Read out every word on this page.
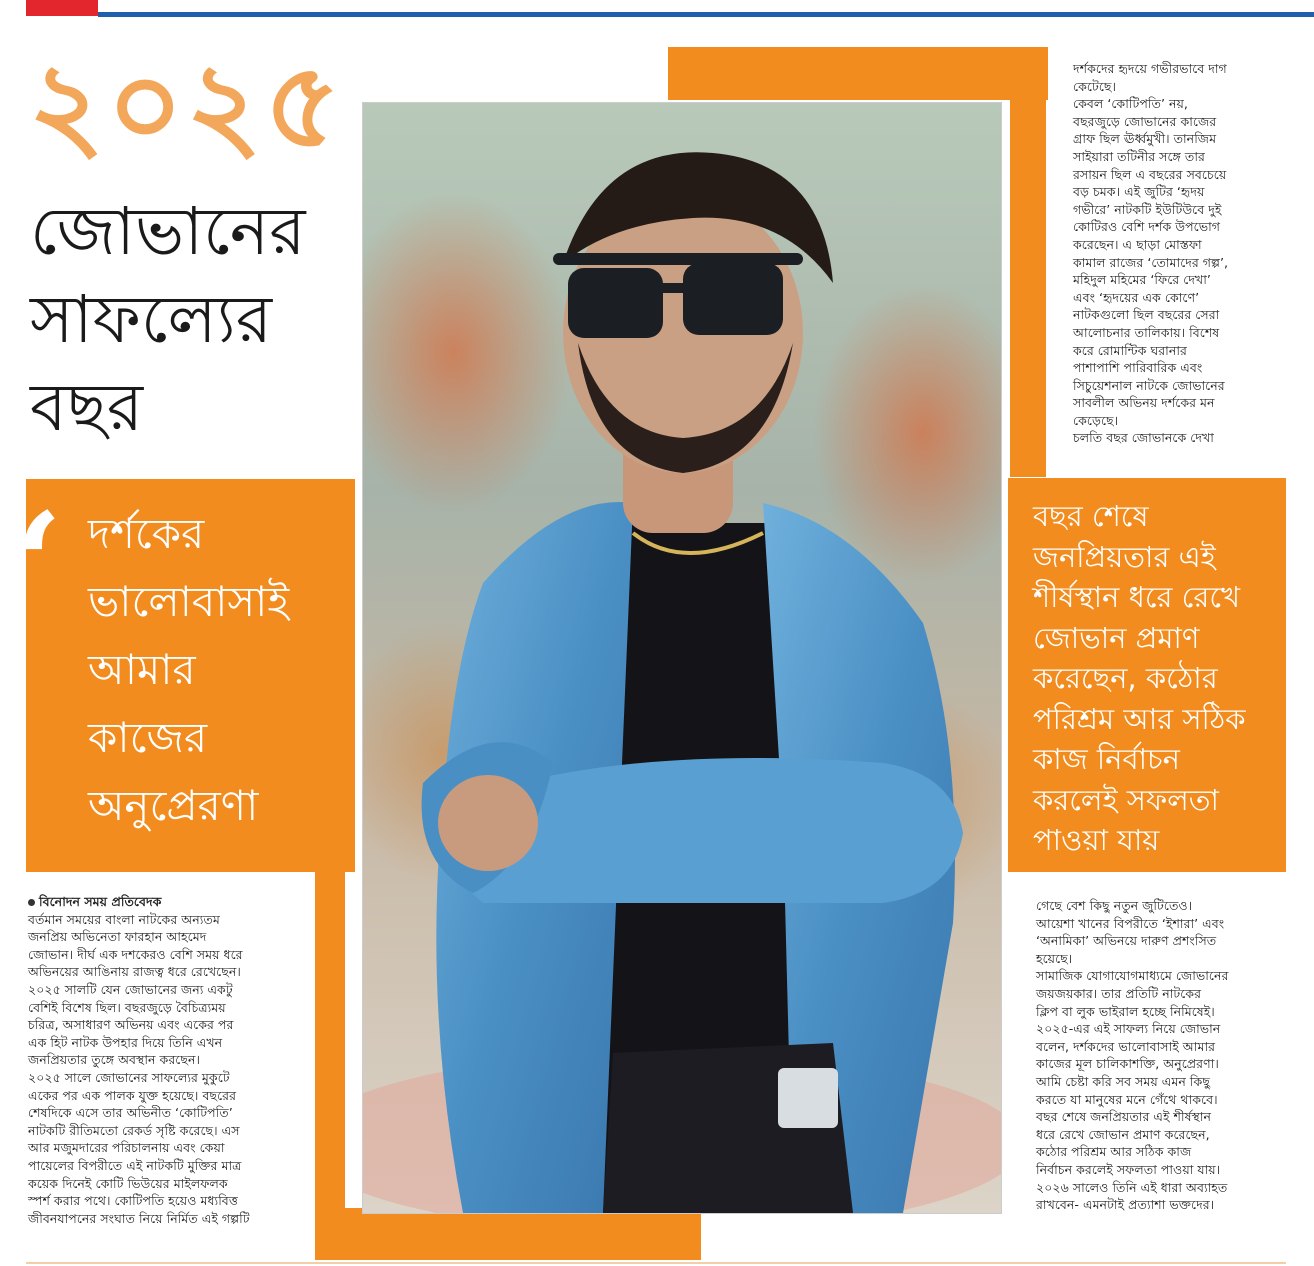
২০২৫
জোভানের
সাফল্যের
বছর
‘ দর্শকের
ভালোবাসাই
আমার
কাজের
অনুপ্রেরণা
বছর শেষে
জনপ্রিয়তার এই
শীর্ষস্থান ধরে রেখে
জোভান প্রমাণ
করেছেন, কঠোর
পরিশ্রম আর সঠিক
কাজ নির্বাচন
করলেই সফলতা
পাওয়া যায়

দর্শকদের হৃদয়ে গভীরভাবে দাগ

কেটেছে।

কেবল ‘কোটিপতি’ নয়,

বছরজুড়ে জোভানের কাজের

গ্রাফ ছিল ঊর্ধ্বমুখী। তানজিম

সাইয়ারা তটিনীর সঙ্গে তার

রসায়ন ছিল এ বছরের সবচেয়ে

বড় চমক। এই জুটির ‘হৃদয়

গভীরে’ নাটকটি ইউটিউবে দুই

কোটিরও বেশি দর্শক উপভোগ

করেছেন। এ ছাড়া মোস্তফা

কামাল রাজের ‘তোমাদের গল্প’,

মহিদুল মহিমের ‘ফিরে দেখা’

এবং ‘হৃদয়ের এক কোণে’

নাটকগুলো ছিল বছরের সেরা

আলোচনার তালিকায়। বিশেষ

করে রোমান্টিক ঘরানার

পাশাপাশি পারিবারিক এবং

সিচুয়েশনাল নাটকে জোভানের

সাবলীল অভিনয় দর্শকের মন

কেড়েছে।

চলতি বছর জোভানকে দেখা

বিনোদন সময় প্রতিবেদক

বর্তমান সময়ের বাংলা নাটকের অন্যতম

জনপ্রিয় অভিনেতা ফারহান আহমেদ

জোভান। দীর্ঘ এক দশকেরও বেশি সময় ধরে

অভিনয়ের আঙিনায় রাজত্ব ধরে রেখেছেন।

২০২৫ সালটি যেন জোভানের জন্য একটু

বেশিই বিশেষ ছিল। বছরজুড়ে বৈচিত্র্যময়

চরিত্র, অসাধারণ অভিনয় এবং একের পর

এক হিট নাটক উপহার দিয়ে তিনি এখন

জনপ্রিয়তার তুঙ্গে অবস্থান করছেন।

২০২৫ সালে জোভানের সাফল্যের মুকুটে

একের পর এক পালক যুক্ত হয়েছে। বছরের

শেষদিকে এসে তার অভিনীত ‘কোটিপতি’

নাটকটি রীতিমতো রেকর্ড সৃষ্টি করেছে। এস

আর মজুমদারের পরিচালনায় এবং কেয়া

পায়েলের বিপরীতে এই নাটকটি মুক্তির মাত্র

কয়েক দিনেই কোটি ভিউয়ের মাইলফলক

স্পর্শ করার পথে। কোটিপতি হয়েও মধ্যবিত্ত

জীবনযাপনের সংঘাত নিয়ে নির্মিত এই গল্পটি

গেছে বেশ কিছু নতুন জুটিতেও।

আয়েশা খানের বিপরীতে ‘ইশারা’ এবং

‘অনামিকা’ অভিনয়ে দারুণ প্রশংসিত

হয়েছে।

সামাজিক যোগাযোগমাধ্যমে জোভানের

জয়জয়কার। তার প্রতিটি নাটকের

ক্লিপ বা লুক ভাইরাল হচ্ছে নিমিষেই।

২০২৫-এর এই সাফল্য নিয়ে জোভান

বলেন, দর্শকদের ভালোবাসাই আমার

কাজের মূল চালিকাশক্তি, অনুপ্রেরণা।

আমি চেষ্টা করি সব সময় এমন কিছু

করতে যা মানুষের মনে গেঁথে থাকবে।

বছর শেষে জনপ্রিয়তার এই শীর্ষস্থান

ধরে রেখে জোভান প্রমাণ করেছেন,

কঠোর পরিশ্রম আর সঠিক কাজ

নির্বাচন করলেই সফলতা পাওয়া যায়।

২০২৬ সালেও তিনি এই ধারা অব্যাহত

রাখবেন- এমনটাই প্রত্যাশা ভক্তদের।
